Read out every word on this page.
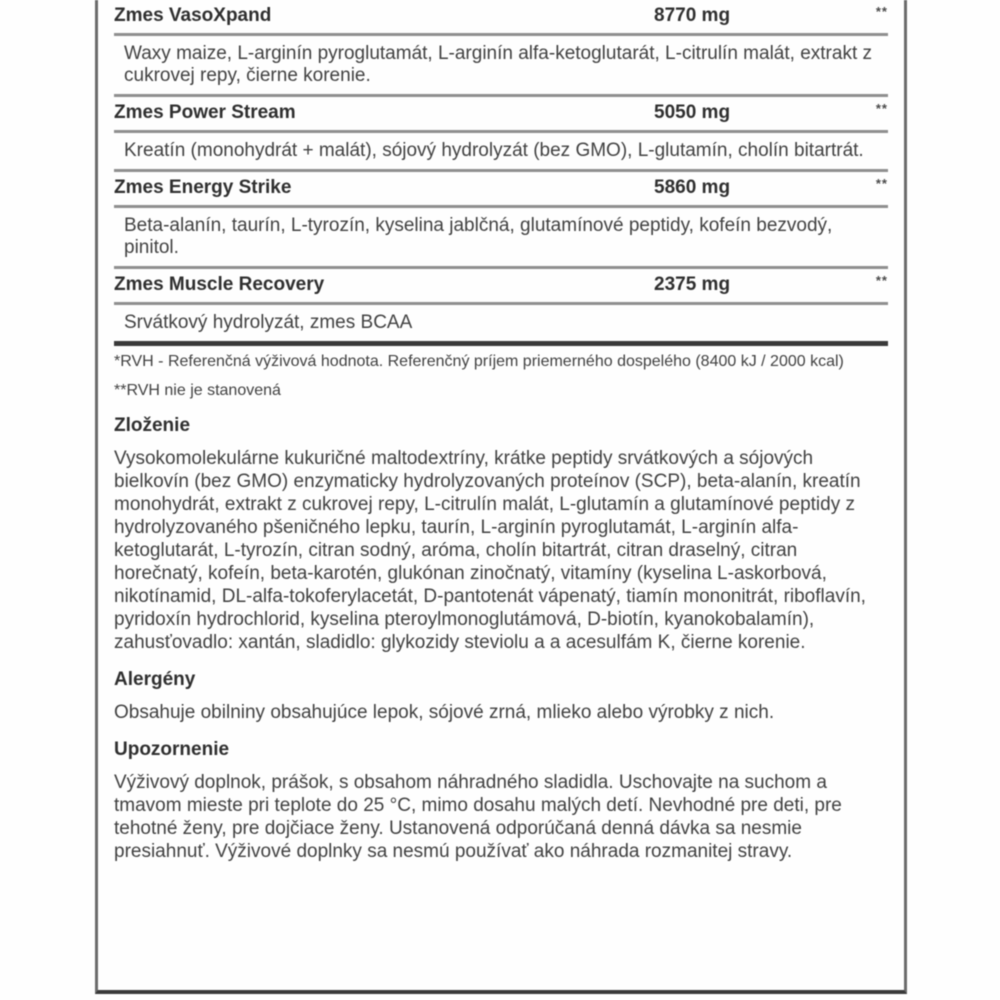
Zmes VasoXpand	8770 mg	**
Waxy maize, L-arginín pyroglutamát, L-arginín alfa-ketoglutarát, L-citrulín malát, extrakt z cukrovej repy, čierne korenie.
Zmes Power Stream	5050 mg	**
Kreatín (monohydrát + malát), sójový hydrolyzát (bez GMO), L-glutamín, cholín bitartrát.
Zmes Energy Strike	5860 mg	**
Beta-alanín, taurín, L-tyrozín, kyselina jablčná, glutamínové peptidy, kofeín bezvodý, pinitol.
Zmes Muscle Recovery	2375 mg	**
Srvátkový hydrolyzát, zmes BCAA
*RVH - Referenčná výživová hodnota. Referenčný príjem priemerného dospelého (8400 kJ / 2000 kcal)
**RVH nie je stanovená
Zloženie
Vysokomolekulárne kukuričné maltodextríny, krátke peptidy srvátkových a sójových bielkovín (bez GMO) enzymaticky hydrolyzovaných proteínov (SCP), beta-alanín, kreatín monohydrát, extrakt z cukrovej repy, L-citrulín malát, L-glutamín a glutamínové peptidy z hydrolyzovaného pšeničného lepku, taurín, L-arginín pyroglutamát, L-arginín alfa-ketoglutarát, L-tyrozín, citran sodný, aróma, cholín bitartrát, citran draselný, citran horečnatý, kofeín, beta-karotén, glukónan zinočnatý, vitamíny (kyselina L-askorbová, nikotínamid, DL-alfa-tokoferylacetát, D-pantotenát vápenatý, tiamín mononitrát, riboflavín, pyridoxín hydrochlorid, kyselina pteroylmonoglutámová, D-biotín, kyanokobalamín), zahusťovadlo: xantán, sladidlo: glykozidy steviolu a a acesulfám K, čierne korenie.
Alergény
Obsahuje obilniny obsahujúce lepok, sójové zrná, mlieko alebo výrobky z nich.
Upozornenie
Výživový doplnok, prášok, s obsahom náhradného sladidla. Uschovajte na suchom a tmavom mieste pri teplote do 25 °C, mimo dosahu malých detí. Nevhodné pre deti, pre tehotné ženy, pre dojčiace ženy. Ustanovená odporúčaná denná dávka sa nesmie presiahnuť. Výživové doplnky sa nesmú používať ako náhrada rozmanitej stravy.
